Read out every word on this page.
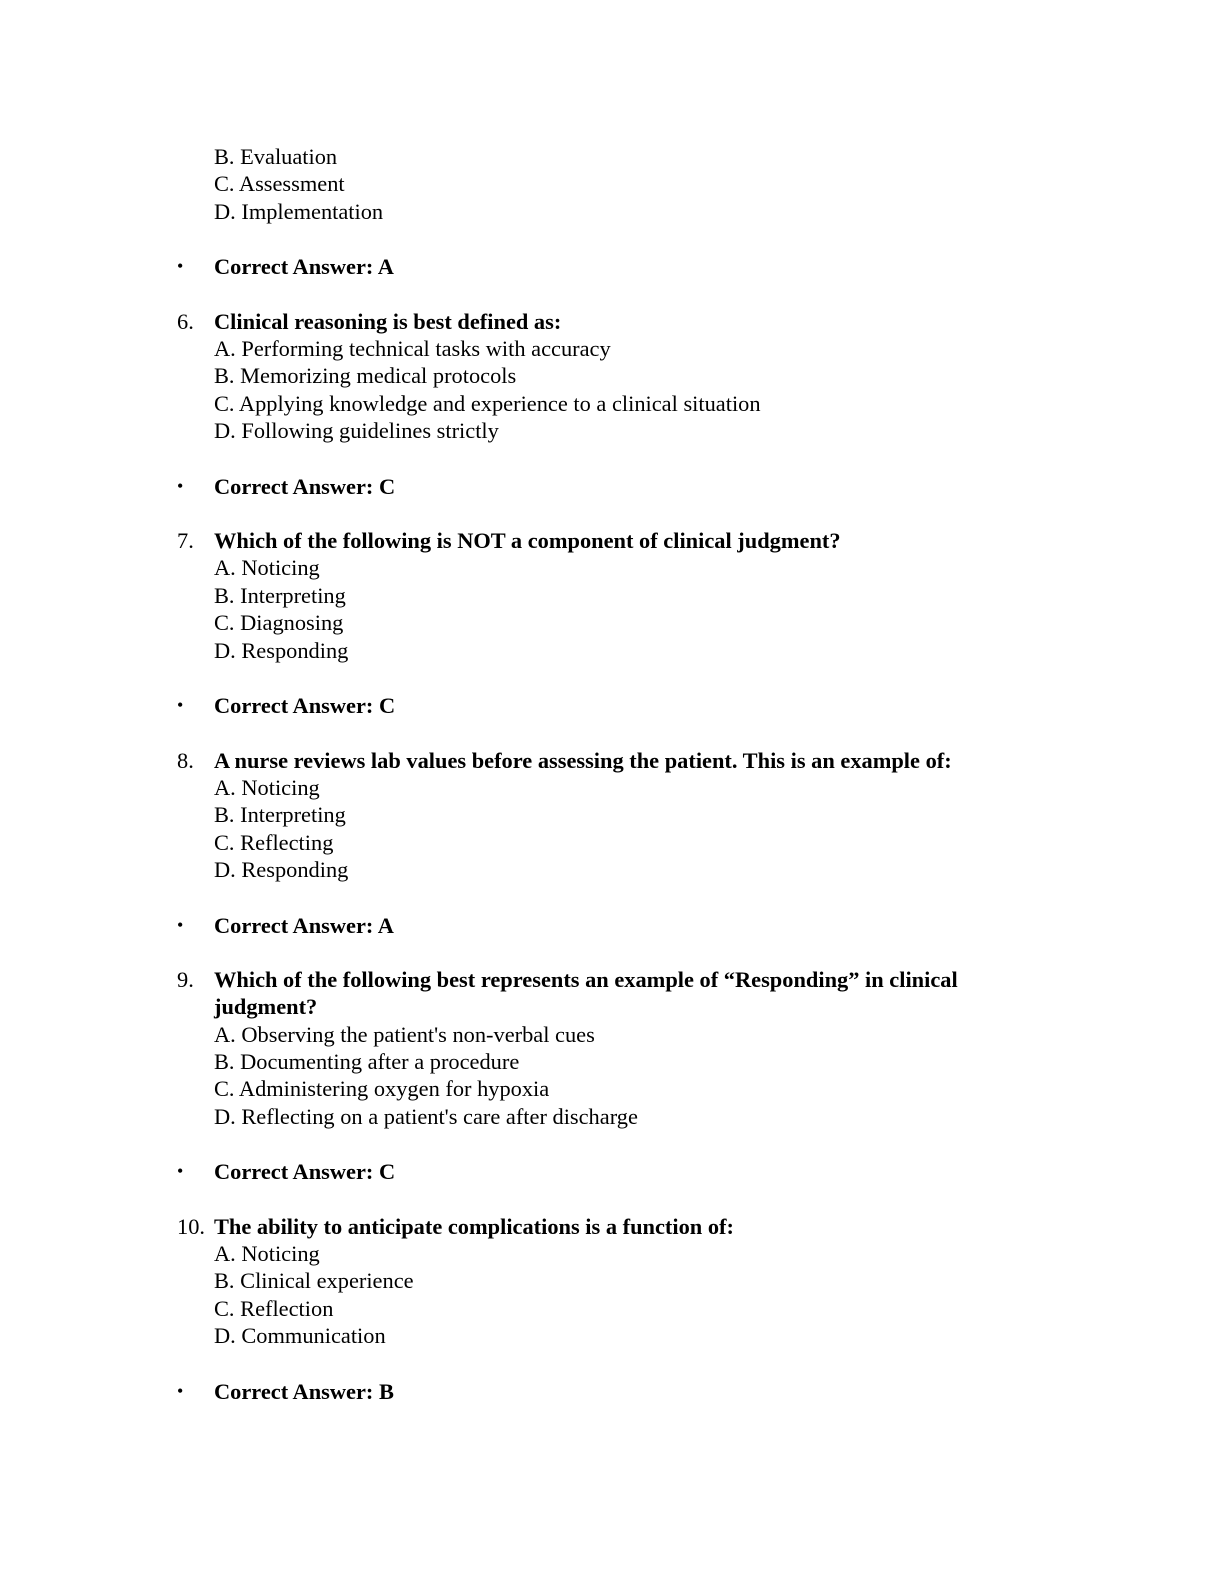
B. Evaluation
C. Assessment
D. Implementation
• Correct Answer: A
6. Clinical reasoning is best defined as:
A. Performing technical tasks with accuracy
B. Memorizing medical protocols
C. Applying knowledge and experience to a clinical situation
D. Following guidelines strictly
• Correct Answer: C
7. Which of the following is NOT a component of clinical judgment?
A. Noticing
B. Interpreting
C. Diagnosing
D. Responding
• Correct Answer: C
8. A nurse reviews lab values before assessing the patient. This is an example of:
A. Noticing
B. Interpreting
C. Reflecting
D. Responding
• Correct Answer: A
9. Which of the following best represents an example of “Responding” in clinical
judgment?
A. Observing the patient's non-verbal cues
B. Documenting after a procedure
C. Administering oxygen for hypoxia
D. Reflecting on a patient's care after discharge
• Correct Answer: C
10. The ability to anticipate complications is a function of:
A. Noticing
B. Clinical experience
C. Reflection
D. Communication
• Correct Answer: B
